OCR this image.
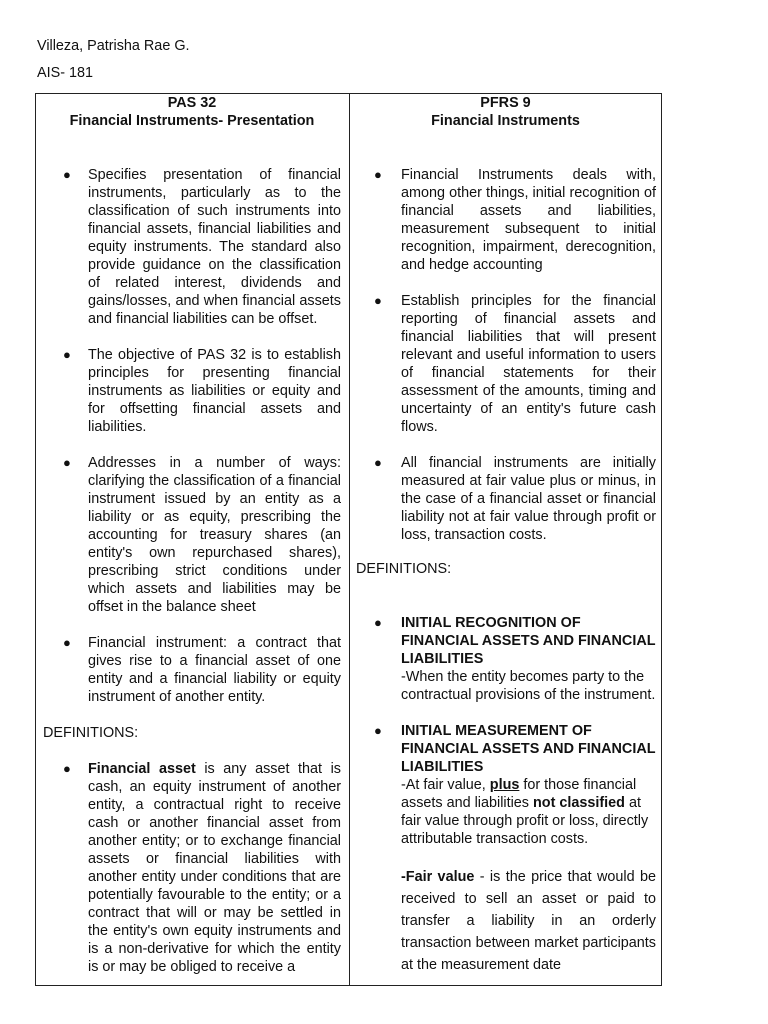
Villeza, Patrisha Rae G.

AIS- 181

PAS 32
Financial Instruments- Presentation
● Specifies presentation of financial instruments, particularly as to the classification of such instruments into financial assets, financial liabilities and equity instruments. The standard also provide guidance on the classification of related interest, dividends and gains/losses, and when financial assets and financial liabilities can be offset.
● The objective of PAS 32 is to establish principles for presenting financial instruments as liabilities or equity and for offsetting financial assets and liabilities.
● Addresses in a number of ways: clarifying the classification of a financial instrument issued by an entity as a liability or as equity, prescribing the accounting for treasury shares (an entity's own repurchased shares), prescribing strict conditions under which assets and liabilities may be offset in the balance sheet
● Financial instrument: a contract that gives rise to a financial asset of one entity and a financial liability or equity instrument of another entity.

DEFINITIONS:

● Financial asset is any asset that is cash, an equity instrument of another entity, a contractual right to receive cash or another financial asset from another entity; or to exchange financial assets or financial liabilities with another entity under conditions that are potentially favourable to the entity; or a contract that will or may be settled in the entity's own equity instruments and is a non-derivative for which the entity is or may be obliged to receive a
PFRS 9
Financial Instruments
● Financial Instruments deals with, among other things, initial recognition of financial assets and liabilities, measurement subsequent to initial recognition, impairment, derecognition, and hedge accounting
● Establish principles for the financial reporting of financial assets and financial liabilities that will present relevant and useful information to users of financial statements for their assessment of the amounts, timing and uncertainty of an entity's future cash flows.
● All financial instruments are initially measured at fair value plus or minus, in the case of a financial asset or financial liability not at fair value through profit or loss, transaction costs.

DEFINITIONS:

● INITIAL RECOGNITION OF FINANCIAL ASSETS AND FINANCIAL LIABILITIES
-When the entity becomes party to the contractual provisions of the instrument.
● INITIAL MEASUREMENT OF FINANCIAL ASSETS AND FINANCIAL LIABILITIES
-At fair value, plus for those financial assets and liabilities not classified at fair value through profit or loss, directly attributable transaction costs.
-Fair value - is the price that would be received to sell an asset or paid to transfer a liability in an orderly transaction between market participants at the measurement date
